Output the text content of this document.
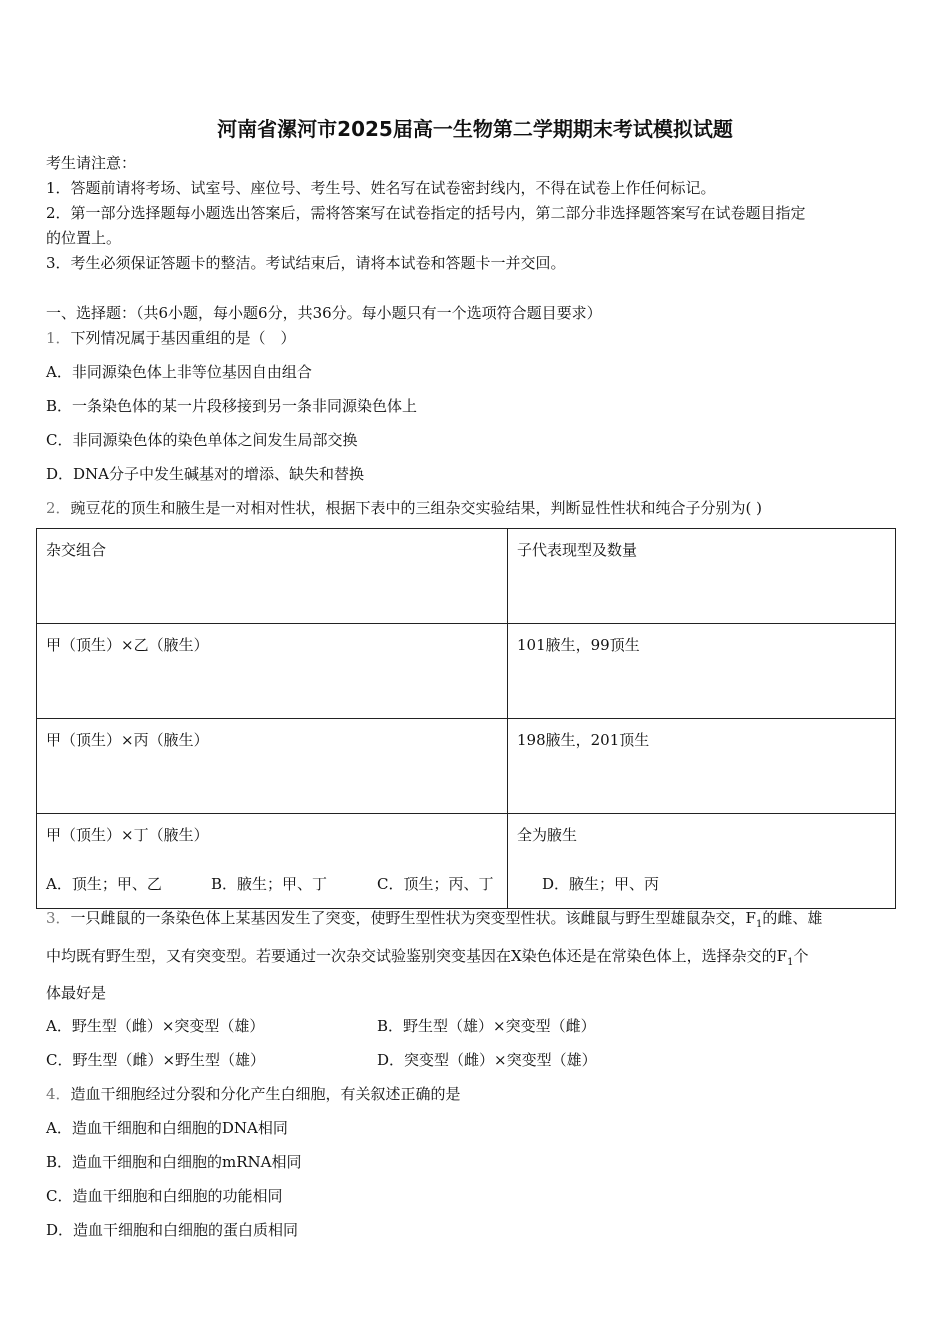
河南省漯河市2025届高一生物第二学期期末考试模拟试题
考生请注意：
1．答题前请将考场、试室号、座位号、考生号、姓名写在试卷密封线内，不得在试卷上作任何标记。
2．第一部分选择题每小题选出答案后，需将答案写在试卷指定的括号内，第二部分非选择题答案写在试卷题目指定
的位置上。
3．考生必须保证答题卡的整洁。考试结束后，请将本试卷和答题卡一并交回。
一、选择题：（共6小题，每小题6分，共36分。每小题只有一个选项符合题目要求）
1．下列情况属于基因重组的是（　）
A．非同源染色体上非等位基因自由组合
B．一条染色体的某一片段移接到另一条非同源染色体上
C．非同源染色体的染色单体之间发生局部交换
D．DNA分子中发生碱基对的增添、缺失和替换
2．豌豆花的顶生和腋生是一对相对性状，根据下表中的三组杂交实验结果，判断显性性状和纯合子分别为( )
杂交组合	子代表现型及数量
甲（顶生）×乙（腋生）	101腋生，99顶生
甲（顶生）×丙（腋生）	198腋生，201顶生
甲（顶生）×丁（腋生）	全为腋生
A．顶生；甲、乙	B．腋生；甲、丁	C．顶生；丙、丁	D．腋生；甲、丙
3．一只雌鼠的一条染色体上某基因发生了突变，使野生型性状为突变型性状。该雌鼠与野生型雄鼠杂交，$F_1$的雌、雄
中均既有野生型，又有突变型。若要通过一次杂交试验鉴别突变基因在X染色体还是在常染色体上，选择杂交的$F_1$个
体最好是
A．野生型（雌）×突变型（雄）	B．野生型（雄）×突变型（雌）
C．野生型（雌）×野生型（雄）	D．突变型（雌）×突变型（雄）
4．造血干细胞经过分裂和分化产生白细胞，有关叙述正确的是
A．造血干细胞和白细胞的DNA相同
B．造血干细胞和白细胞的mRNA相同
C．造血干细胞和白细胞的功能相同
D．造血干细胞和白细胞的蛋白质相同
